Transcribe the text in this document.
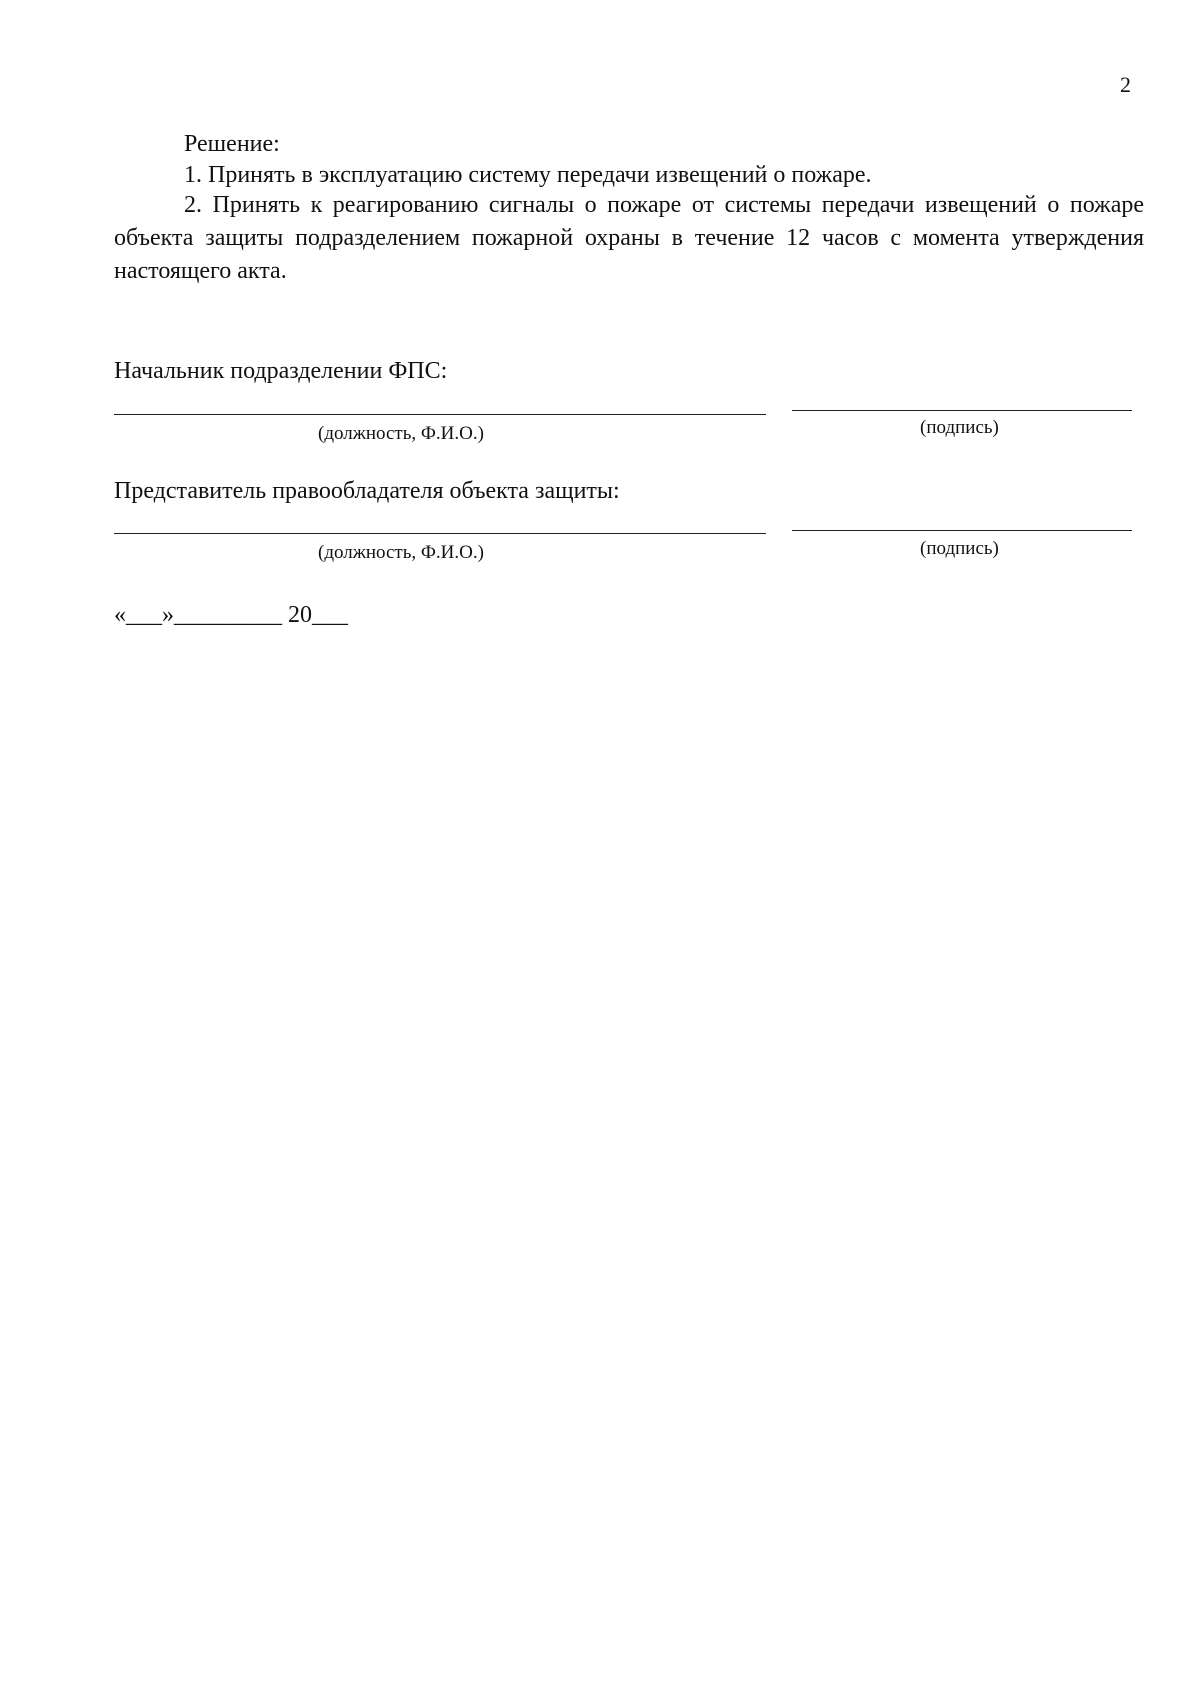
2
Решение:
1. Принять в эксплуатацию систему передачи извещений о пожаре.
2. Принять к реагированию сигналы о пожаре от системы передачи извещений о пожаре объекта защиты подразделением пожарной охраны в течение 12 часов с момента утверждения настоящего акта.
Начальник подразделении ФПС:
(должность, Ф.И.О.)	(подпись)
Представитель правообладателя объекта защиты:
(должность, Ф.И.О.)	(подпись)
«___»_________ 20___
